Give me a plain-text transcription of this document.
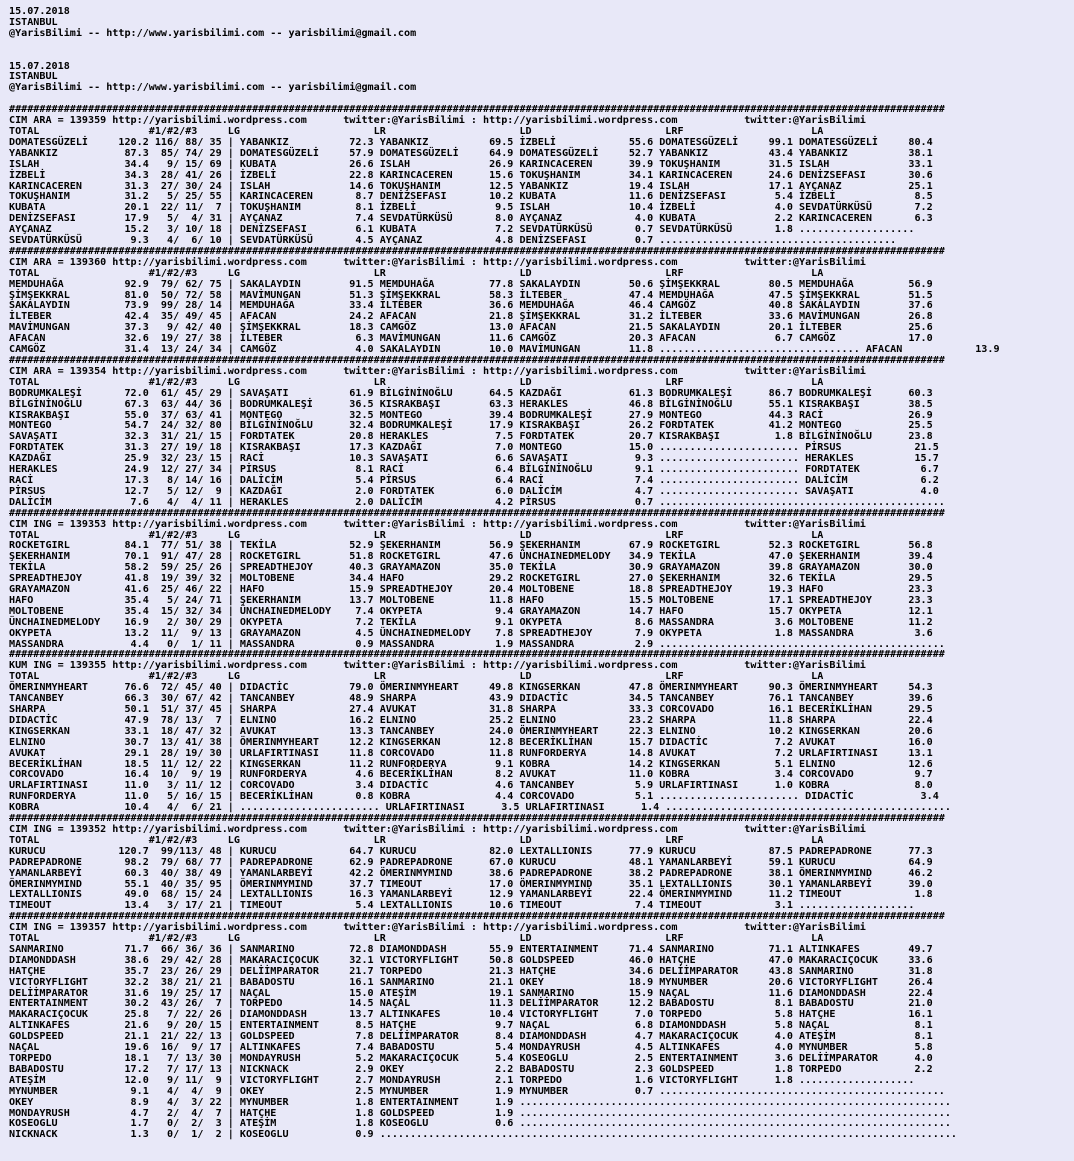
15.07.2018
ISTANBUL
@YarisBilimi -- http://www.yarisbilimi.com -- yarisbilimi@gmail.com
15.07.2018
ISTANBUL
@YarisBilimi -- http://www.yarisbilimi.com -- yarisbilimi@gmail.com
##########################################################################################################################################################
CIM ARA = 139359 http://yarisbilimi.wordpress.com      twitter:@YarisBilimi : http://yarisbilimi.wordpress.com           twitter:@YarisBilimi
TOTAL                  #1/#2/#3     LG                      LR                      LD                      LRF                     LA
DOMATESGÜZELİ     120.2 116/ 88/ 35 | YABANKIZ          72.3 YABANKIZ          69.5 İZBELİ            55.6 DOMATESGÜZELİ     99.1 DOMATESGÜZELİ     80.4
YABANKIZ           87.3  85/ 74/ 29 | DOMATESGÜZELİ     57.9 DOMATESGÜZELİ     64.9 DOMATESGÜZELİ     52.7 YABANKIZ          43.4 YABANKIZ          38.1
ISLAH              34.4   9/ 15/ 69 | KUBATA            26.6 ISLAH             26.9 KARINCACEREN      39.9 TOKUŞHANIM        31.5 ISLAH             33.1
İZBELİ             34.3  28/ 41/ 26 | İZBELİ            22.8 KARINCACEREN      15.6 TOKUŞHANIM        34.1 KARINCACEREN      24.6 DENİZSEFASI       30.6
KARINCACEREN       31.3  27/ 30/ 24 | ISLAH             14.6 TOKUŞHANIM        12.5 YABANKIZ          19.4 ISLAH             17.1 AYÇANAZ           25.1
TOKUŞHANIM         31.2   5/ 25/ 55 | KARINCACEREN       8.7 DENİZSEFASI       10.2 KUBATA            11.6 DENİZSEFASI        5.4 İZBELİ             8.5
KUBATA             20.1  22/ 11/  7 | TOKUŞHANIM         8.1 İZBELİ             9.5 ISLAH             10.4 İZBELİ             4.0 SEVDATÜRKÜSÜ       7.2
DENİZSEFASI        17.9   5/  4/ 31 | AYÇANAZ            7.4 SEVDATÜRKÜSÜ       8.0 AYÇANAZ            4.0 KUBATA             2.2 KARINCACEREN       6.3
AYÇANAZ            15.2   3/ 10/ 18 | DENİZSEFASI        6.1 KUBATA             7.2 SEVDATÜRKÜSÜ       0.7 SEVDATÜRKÜSÜ       1.8 ...................
SEVDATÜRKÜSÜ        9.3   4/  6/ 10 | SEVDATÜRKÜSÜ       4.5 AYÇANAZ            4.8 DENİZSEFASI        0.7 .......................................
##########################################################################################################################################################
CIM ARA = 139360 http://yarisbilimi.wordpress.com      twitter:@YarisBilimi : http://yarisbilimi.wordpress.com           twitter:@YarisBilimi
TOTAL                  #1/#2/#3     LG                      LR                      LD                      LRF                     LA
MEMDUHAĞA          92.9  79/ 62/ 75 | SAKALAYDIN        91.5 MEMDUHAĞA         77.8 SAKALAYDIN        50.6 ŞİMŞEKKRAL        80.5 MEMDUHAĞA         56.9
ŞİMŞEKKRAL         81.0  50/ 72/ 58 | MAVİMUNGAN        51.3 ŞİMŞEKKRAL        58.3 İLTEBER           47.4 MEMDUHAĞA         47.5 ŞİMŞEKKRAL        51.5
SAKALAYDIN         73.9  99/ 28/ 14 | MEMDUHAĞA         33.4 İLTEBER           36.6 MEMDUHAĞA         46.4 CAMGÖZ            40.8 SAKALAYDIN        37.6
İLTEBER            42.4  35/ 49/ 45 | AFACAN            24.2 AFACAN            21.8 ŞİMŞEKKRAL        31.2 İLTEBER           33.6 MAVİMUNGAN        26.8
MAVİMUNGAN         37.3   9/ 42/ 40 | ŞİMŞEKKRAL        18.3 CAMGÖZ            13.0 AFACAN            21.5 SAKALAYDIN        20.1 İLTEBER           25.6
AFACAN             32.6  19/ 27/ 38 | İLTEBER            6.3 MAVİMUNGAN        11.6 CAMGÖZ            20.3 AFACAN             6.7 CAMGÖZ            17.0
CAMGÖZ             31.4  13/ 24/ 34 | CAMGÖZ             4.0 SAKALAYDIN        10.0 MAVİMUNGAN        11.8 ................................. AFACAN            13.9
##########################################################################################################################################################
CIM ARA = 139354 http://yarisbilimi.wordpress.com      twitter:@YarisBilimi : http://yarisbilimi.wordpress.com           twitter:@YarisBilimi
TOTAL                  #1/#2/#3     LG                      LR                      LD                      LRF                     LA
BODRUMKALEŞİ       72.0  61/ 45/ 29 | SAVAŞATI          61.9 BİLGİNİNOĞLU      64.5 KAZDAĞI           61.3 BODRUMKALEŞİ      86.7 BODRUMKALEŞİ      60.3
BİLGİNİNOĞLU       67.3  63/ 44/ 36 | BODRUMKALEŞİ      36.5 KISRAKBAŞI        63.3 HERAKLES          46.8 BİLGİNİNOĞLU      55.1 KISRAKBAŞI        38.5
KISRAKBAŞI         55.0  37/ 63/ 41 | MONTEGO           32.5 MONTEGO           39.4 BODRUMKALEŞİ      27.9 MONTEGO           44.3 RACİ              26.9
MONTEGO            54.7  24/ 32/ 80 | BİLGİNİNOĞLU      32.4 BODRUMKALEŞİ      17.9 KISRAKBAŞI        26.2 FORDTATEK         41.2 MONTEGO           25.5
SAVAŞATI           32.3  31/ 21/ 15 | FORDTATEK         20.8 HERAKLES           7.5 FORDTATEK         20.7 KISRAKBAŞI         1.8 BİLGİNİNOĞLU      23.8
FORDTATEK          31.3  27/ 19/ 18 | KISRAKBAŞI        17.3 KAZDAĞI            7.0 MONTEGO           15.0 ....................... PİRSUS            21.5
KAZDAĞI            25.9  32/ 23/ 15 | RACİ              10.3 SAVAŞATI           6.6 SAVAŞATI           9.3 ....................... HERAKLES          15.7
HERAKLES           24.9  12/ 27/ 34 | PİRSUS             8.1 RACİ               6.4 BİLGİNİNOĞLU       9.1 ....................... FORDTATEK          6.7
RACİ               17.3   8/ 14/ 16 | DALİCİM            5.4 PİRSUS             6.4 RACİ               7.4 ....................... DALİCİM            6.2
PİRSUS             12.7   5/ 12/  9 | KAZDAĞI            2.0 FORDTATEK          6.0 DALİCİM            4.7 ....................... SAVAŞATI           4.0
DALİCİM             7.6   4/  4/ 11 | HERAKLES           2.0 DALİCİM            4.2 PİRSUS             0.7 ...............................................
##########################################################################################################################################################
CIM ING = 139353 http://yarisbilimi.wordpress.com      twitter:@YarisBilimi : http://yarisbilimi.wordpress.com           twitter:@YarisBilimi
TOTAL                  #1/#2/#3     LG                      LR                      LD                      LRF                     LA
ROCKETGIRL         84.1  77/ 51/ 38 | TEKİLA            52.9 ŞEKERHANIM        56.9 ŞEKERHANIM        67.9 ROCKETGIRL        52.3 ROCKETGIRL        56.8
ŞEKERHANIM         70.1  91/ 47/ 28 | ROCKETGIRL        51.8 ROCKETGIRL        47.6 ÜNCHAINEDMELODY   34.9 TEKİLA            47.0 ŞEKERHANIM        39.4
TEKİLA             58.2  59/ 25/ 26 | SPREADTHEJOY      40.3 GRAYAMAZON        35.0 TEKİLA            30.9 GRAYAMAZON        39.8 GRAYAMAZON        30.0
SPREADTHEJOY       41.8  19/ 39/ 32 | MOLTOBENE         34.4 HAFO              29.2 ROCKETGIRL        27.0 ŞEKERHANIM        32.6 TEKİLA            29.5
GRAYAMAZON         41.6  25/ 46/ 22 | HAFO              15.9 SPREADTHEJOY      20.4 MOLTOBENE         18.8 SPREADTHEJOY      19.3 HAFO              23.3
HAFO               35.4   5/ 24/ 71 | ŞEKERHANIM        13.7 MOLTOBENE         11.8 HAFO              15.5 MOLTOBENE         17.1 SPREADTHEJOY      23.3
MOLTOBENE          35.4  15/ 32/ 34 | ÜNCHAINEDMELODY    7.4 OKYPETA            9.4 GRAYAMAZON        14.7 HAFO              15.7 OKYPETA           12.1
ÜNCHAINEDMELODY    16.9   2/ 30/ 29 | OKYPETA            7.2 TEKİLA             9.1 OKYPETA            8.6 MASSANDRA          3.6 MOLTOBENE         11.2
OKYPETA            13.2  11/  9/ 13 | GRAYAMAZON         4.5 ÜNCHAINEDMELODY    7.8 SPREADTHEJOY       7.9 OKYPETA            1.8 MASSANDRA          3.6
MASSANDRA           4.4   0/  1/ 11 | MASSANDRA          0.9 MASSANDRA          1.9 MASSANDRA          2.9 ...............................................
##########################################################################################################################################################
KUM ING = 139355 http://yarisbilimi.wordpress.com      twitter:@YarisBilimi : http://yarisbilimi.wordpress.com           twitter:@YarisBilimi
TOTAL                  #1/#2/#3     LG                      LR                      LD                      LRF                     LA
ÖMERINMYHEART      76.6  72/ 45/ 40 | DIDACTİC          79.0 ÖMERINMYHEART     49.8 KINGSERKAN        47.8 ÖMERINMYHEART     90.3 ÖMERINMYHEART     54.3
TANCANBEY          66.3  30/ 67/ 42 | TANCANBEY         48.9 SHARPA            43.9 DIDACTİC          34.5 TANCANBEY         76.1 TANCANBEY         39.6
SHARPA             50.1  51/ 37/ 45 | SHARPA            27.4 AVUKAT            31.8 SHARPA            33.3 CORCOVADO         16.1 BECERİKLİHAN      29.5
DIDACTİC           47.9  78/ 13/  7 | ELNINO            16.2 ELNINO            25.2 ELNINO            23.2 SHARPA            11.8 SHARPA            22.4
KINGSERKAN         33.1  18/ 47/ 32 | AVUKAT            13.3 TANCANBEY         24.0 ÖMERINMYHEART     22.3 ELNINO            10.2 KINGSERKAN        20.6
ELNINO             30.7  13/ 41/ 38 | ÖMERINMYHEART     12.2 KINGSERKAN        12.8 BECERİKLİHAN      15.7 DIDACTİC           7.2 AVUKAT            16.0
AVUKAT             29.1  28/ 19/ 30 | URLAFIRTINASI     11.8 CORCOVADO         11.8 RUNFORDERYA       14.8 AVUKAT             7.2 URLAFIRTINASI     13.1
BECERİKLİHAN       18.5  11/ 12/ 22 | KINGSERKAN        11.2 RUNFORDERYA        9.1 KOBRA             14.2 KINGSERKAN         5.1 ELNINO            12.6
CORCOVADO          16.4  10/  9/ 19 | RUNFORDERYA        4.6 BECERİKLİHAN       8.2 AVUKAT            11.0 KOBRA              3.4 CORCOVADO          9.7
URLAFIRTINASI      11.0   3/ 11/ 12 | CORCOVADO          3.4 DIDACTİC           4.6 TANCANBEY          5.9 URLAFIRTINASI      1.0 KOBRA              8.0
RUNFORDERYA        11.0   5/ 16/ 15 | BECERİKLİHAN       0.8 KOBRA              4.4 CORCOVADO          5.1 ....................... DIDACTİC           3.4
KOBRA              10.4   4/  6/ 21 | ....................... URLAFIRTINASI      3.5 URLAFIRTINASI      1.4 ...............................................
##########################################################################################################################################################
CIM ING = 139352 http://yarisbilimi.wordpress.com      twitter:@YarisBilimi : http://yarisbilimi.wordpress.com           twitter:@YarisBilimi
TOTAL                  #1/#2/#3     LG                      LR                      LD                      LRF                     LA
KURUCU            120.7  99/113/ 48 | KURUCU            64.7 KURUCU            82.0 LEXTALLIONIS      77.9 KURUCU            87.5 PADREPADRONE      77.3
PADREPADRONE       98.2  79/ 68/ 77 | PADREPADRONE      62.9 PADREPADRONE      67.0 KURUCU            48.1 YAMANLARBEYİ      59.1 KURUCU            64.9
YAMANLARBEYİ       60.3  40/ 38/ 49 | YAMANLARBEYİ      42.2 ÖMERINMYMIND      38.6 PADREPADRONE      38.2 PADREPADRONE      38.1 ÖMERINMYMIND      46.2
ÖMERINMYMIND       55.1  40/ 35/ 95 | ÖMERINMYMIND      37.7 TIMEOUT           17.0 ÖMERINMYMIND      35.1 LEXTALLIONIS      30.1 YAMANLARBEYİ      39.0
LEXTALLIONIS       49.0  68/ 15/ 24 | LEXTALLIONIS      16.3 YAMANLARBEYİ      12.9 YAMANLARBEYİ      22.4 ÖMERINMYMIND      11.2 TIMEOUT            1.8
TIMEOUT            13.4   3/ 17/ 21 | TIMEOUT            5.4 LEXTALLIONIS      10.6 TIMEOUT            7.4 TIMEOUT            3.1 ...................
##########################################################################################################################################################
CIM ING = 139357 http://yarisbilimi.wordpress.com      twitter:@YarisBilimi : http://yarisbilimi.wordpress.com           twitter:@YarisBilimi
TOTAL                  #1/#2/#3     LG                      LR                      LD                      LRF                     LA
SANMARINO          71.7  66/ 36/ 36 | SANMARINO         72.8 DIAMONDDASH       55.9 ENTERTAINMENT     71.4 SANMARINO         71.1 ALTINKAFES        49.7
DIAMONDDASH        38.6  29/ 42/ 28 | MAKARACIÇOCUK     32.1 VICTORYFLIGHT     50.8 GOLDSPEED         46.0 HATÇHE            47.0 MAKARACIÇOCUK     33.6
HATÇHE             35.7  23/ 26/ 29 | DELİİMPARATOR     21.7 TORPEDO           21.3 HATÇHE            34.6 DELİİMPARATOR     43.8 SANMARINO         31.8
VICTORYFLIGHT      32.2  38/ 21/ 21 | BABADOSTU         16.1 SANMARINO         21.1 OKEY              18.9 MYNUMBER          20.6 VICTORYFLIGHT     26.4
DELİİMPARATOR      31.6  19/ 25/ 17 | NAÇAL             15.0 ATEŞİM            19.1 SANMARINO         15.9 NAÇAL             11.6 DIAMONDDASH       22.4
ENTERTAINMENT      30.2  43/ 26/  7 | TORPEDO           14.5 NAÇAL             11.3 DELİİMPARATOR     12.2 BABADOSTU          8.1 BABADOSTU         21.0
MAKARACIÇOCUK      25.8   7/ 22/ 26 | DIAMONDDASH       13.7 ALTINKAFES        10.4 VICTORYFLIGHT      7.0 TORPEDO            5.8 HATÇHE            16.1
ALTINKAFES         21.6   9/ 20/ 15 | ENTERTAINMENT      8.5 HATÇHE             9.7 NAÇAL              6.8 DIAMONDDASH        5.8 NAÇAL              8.1
GOLDSPEED          21.1  21/ 22/ 13 | GOLDSPEED          7.8 DELİİMPARATOR      8.4 DIAMONDDASH        4.7 MAKARACIÇOCUK      4.0 ATEŞİM             8.1
NAÇAL              19.6  16/  9/ 17 | ALTINKAFES         7.4 BABADOSTU          5.4 MONDAYRUSH         4.5 ALTINKAFES         4.0 MYNUMBER           5.8
TORPEDO            18.1   7/ 13/ 30 | MONDAYRUSH         5.2 MAKARACIÇOCUK      5.4 KOSEOGLU           2.5 ENTERTAINMENT      3.6 DELİİMPARATOR      4.0
BABADOSTU          17.2   7/ 17/ 13 | NICKNACK           2.9 OKEY               2.2 BABADOSTU          2.3 GOLDSPEED          1.8 TORPEDO            2.2
ATEŞİM             12.0   9/ 11/  9 | VICTORYFLIGHT      2.7 MONDAYRUSH         2.1 TORPEDO            1.6 VICTORYFLIGHT      1.8 ...................
MYNUMBER            9.1   4/  4/  9 | OKEY               2.5 MYNUMBER           1.9 MYNUMBER           0.7 ...............................................
OKEY                8.9   4/  3/ 22 | MYNUMBER           1.8 ENTERTAINMENT      1.9 .......................................................................
MONDAYRUSH          4.7   2/  4/  7 | HATÇHE             1.8 GOLDSPEED          1.9 .......................................................................
KOSEOGLU            1.7   0/  2/  3 | ATEŞİM             1.8 KOSEOGLU           0.6 .......................................................................
NICKNACK            1.3   0/  1/  2 | KOSEOGLU           0.9 ...............................................................................................
